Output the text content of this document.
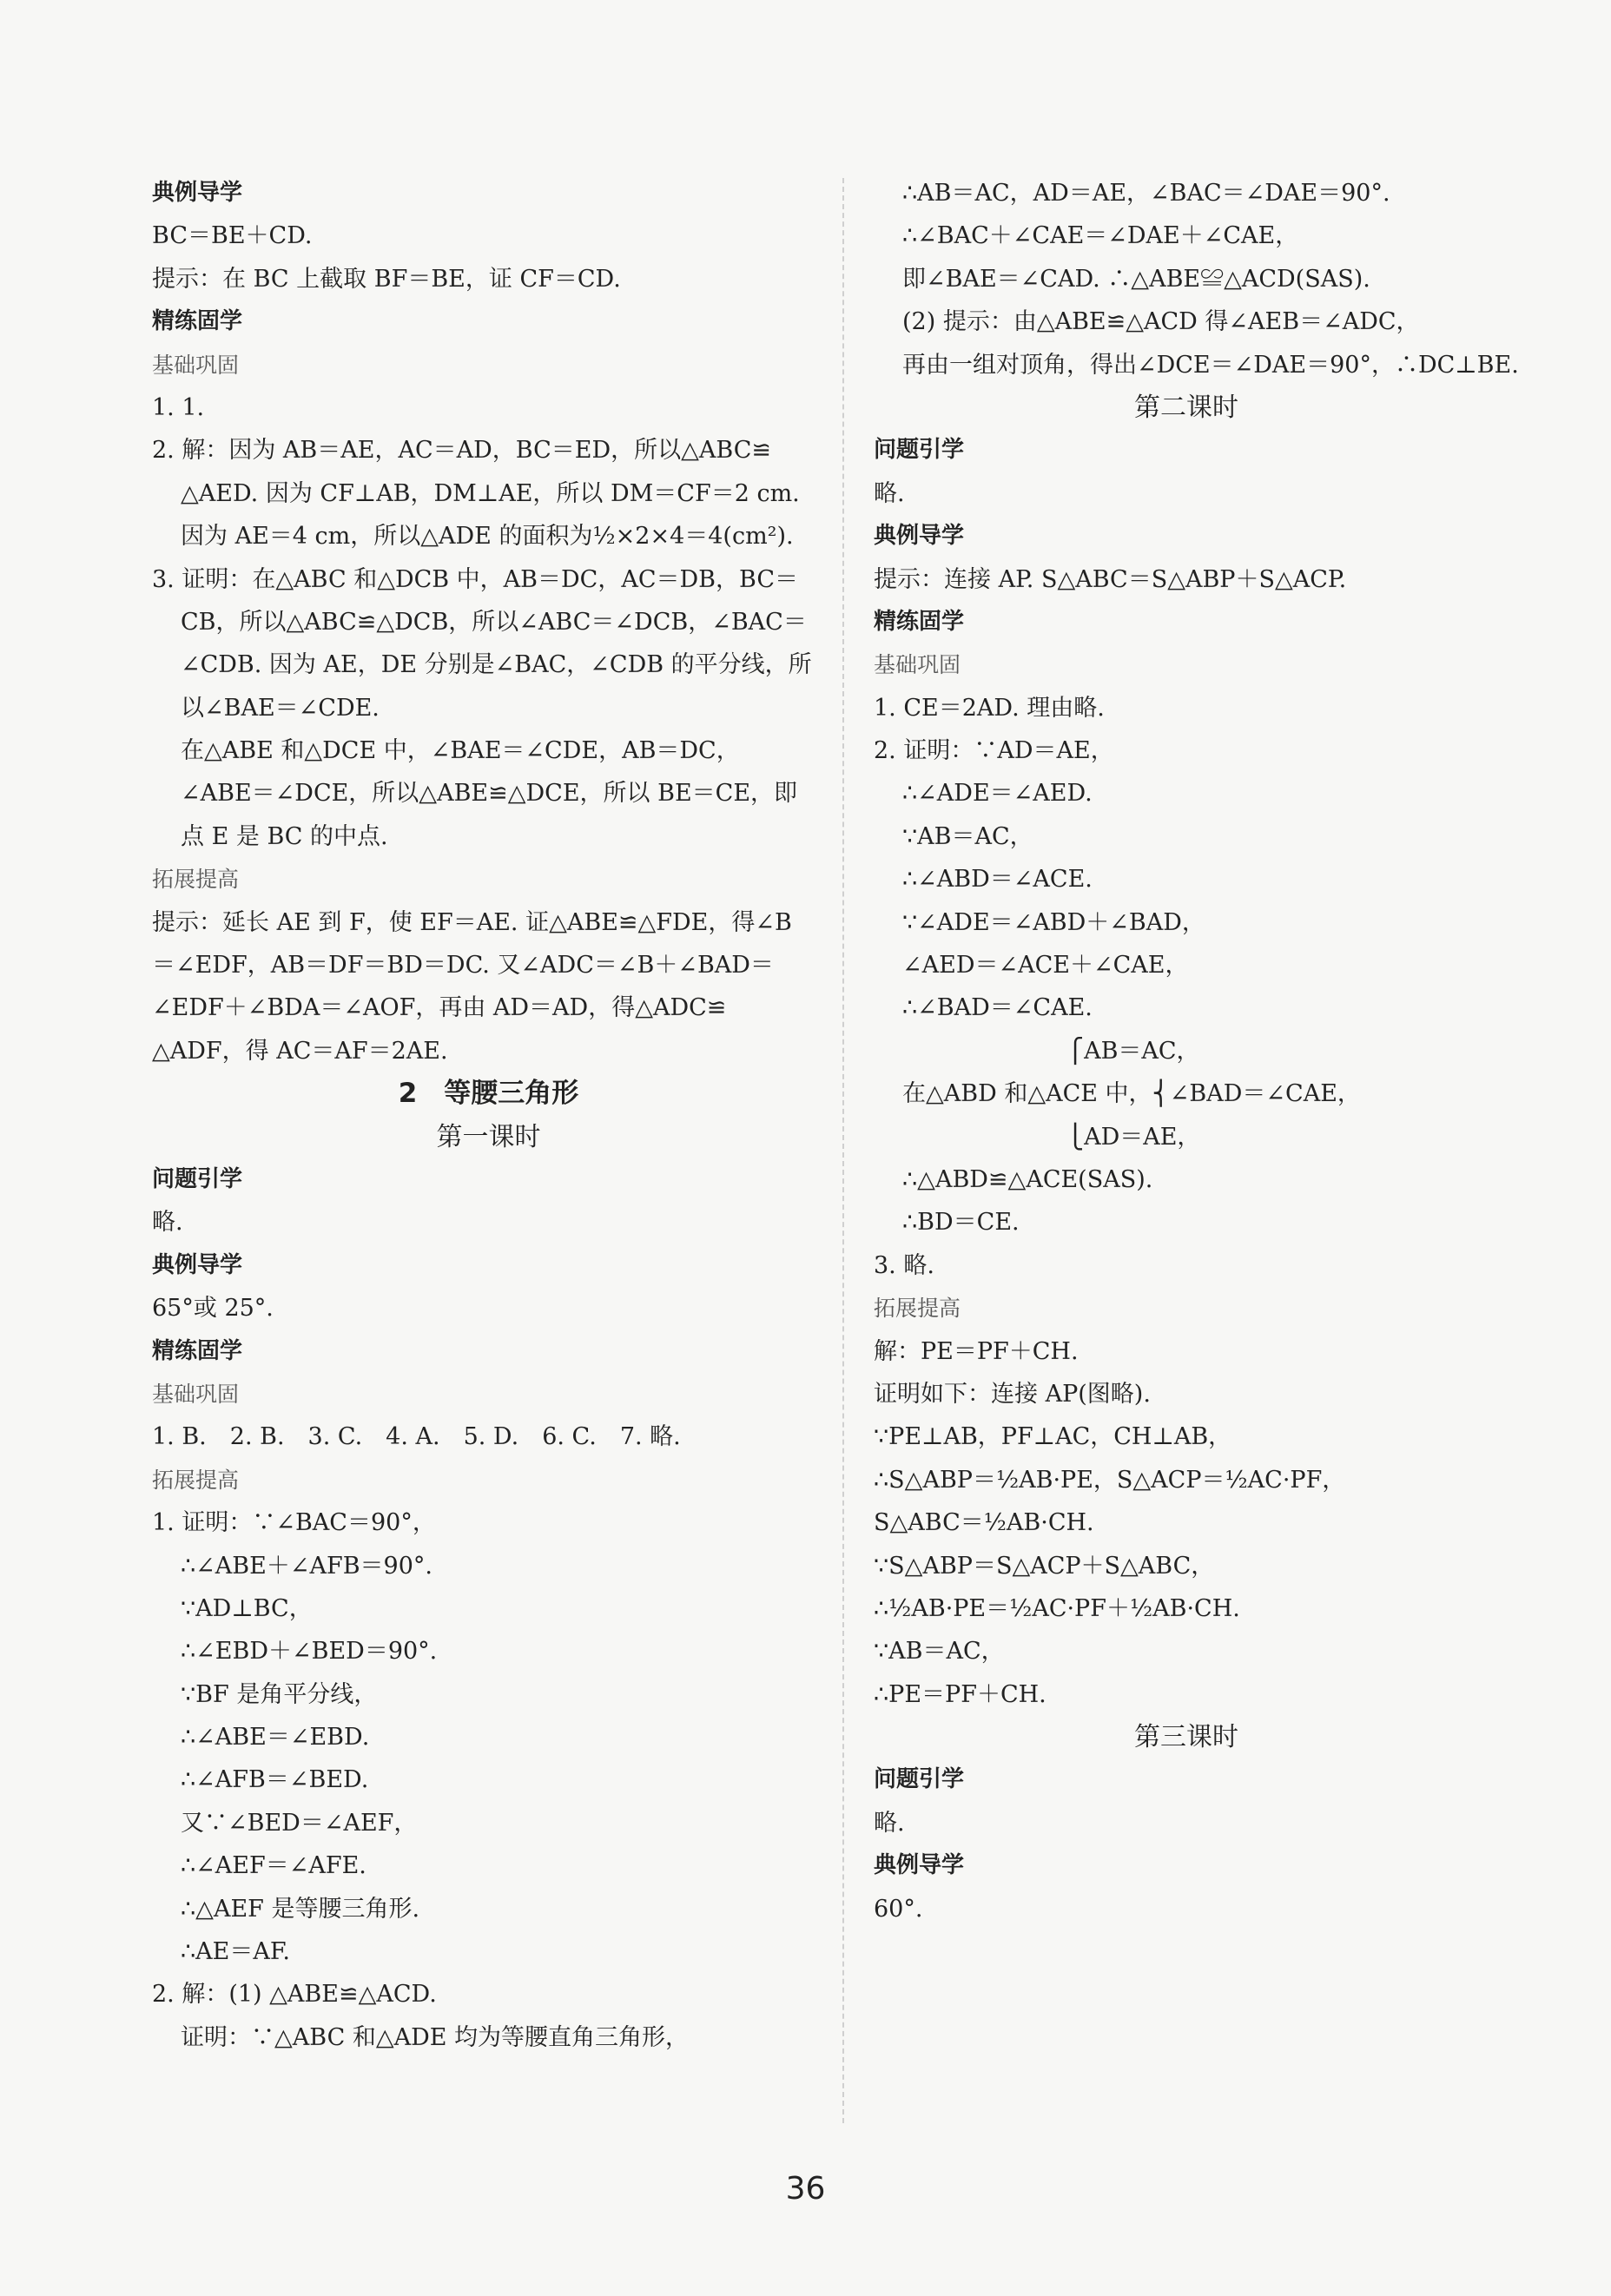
典例导学
BC＝BE＋CD.
提示：在 BC 上截取 BF＝BE，证 CF＝CD.
精练固学
基础巩固
1. 1.
2. 解：因为 AB＝AE，AC＝AD，BC＝ED，所以△ABC≌
△AED. 因为 CF⊥AB，DM⊥AE，所以 DM＝CF＝2 cm.
因为 AE＝4 cm，所以△ADE 的面积为½×2×4＝4(cm²).
3. 证明：在△ABC 和△DCB 中，AB＝DC，AC＝DB，BC＝
CB，所以△ABC≌△DCB，所以∠ABC＝∠DCB，∠BAC＝
∠CDB. 因为 AE，DE 分别是∠BAC，∠CDB 的平分线，所
以∠BAE＝∠CDE.
在△ABE 和△DCE 中，∠BAE＝∠CDE，AB＝DC，
∠ABE＝∠DCE，所以△ABE≌△DCE，所以 BE＝CE，即
点 E 是 BC 的中点.
拓展提高
提示：延长 AE 到 F，使 EF＝AE. 证△ABE≌△FDE，得∠B
＝∠EDF，AB＝DF＝BD＝DC. 又∠ADC＝∠B＋∠BAD＝
∠EDF＋∠BDA＝∠AOF，再由 AD＝AD，得△ADC≌
△ADF，得 AC＝AF＝2AE.
2　等腰三角形
第一课时
问题引学
略.
典例导学
65°或 25°.
精练固学
基础巩固
1. B.　2. B.　3. C.　4. A.　5. D.　6. C.　7. 略.
拓展提高
1. 证明：∵∠BAC＝90°，
∴∠ABE＋∠AFB＝90°.
∵AD⊥BC，
∴∠EBD＋∠BED＝90°.
∵BF 是角平分线，
∴∠ABE＝∠EBD.
∴∠AFB＝∠BED.
又∵∠BED＝∠AEF，
∴∠AEF＝∠AFE.
∴△AEF 是等腰三角形.
∴AE＝AF.
2. 解：(1) △ABE≌△ACD.
证明：∵△ABC 和△ADE 均为等腰直角三角形，
∴AB＝AC，AD＝AE，∠BAC＝∠DAE＝90°.
∴∠BAC＋∠CAE＝∠DAE＋∠CAE，
即∠BAE＝∠CAD. ∴△ABE≌△ACD(SAS).
(2) 提示：由△ABE≌△ACD 得∠AEB＝∠ADC，
再由一组对顶角，得出∠DCE＝∠DAE＝90°，∴DC⊥BE.
第二课时
问题引学
略.
典例导学
提示：连接 AP. S△ABC＝S△ABP＋S△ACP.
精练固学
基础巩固
1. CE＝2AD. 理由略.
2. 证明：∵AD＝AE，
∴∠ADE＝∠AED.
∵AB＝AC，
∴∠ABD＝∠ACE.
∵∠ADE＝∠ABD＋∠BAD，
∠AED＝∠ACE＋∠CAE，
∴∠BAD＝∠CAE.
⎧AB＝AC，
在△ABD 和△ACE 中，⎨∠BAD＝∠CAE，
⎩AD＝AE，
∴△ABD≌△ACE(SAS).
∴BD＝CE.
3. 略.
拓展提高
解：PE＝PF＋CH.
证明如下：连接 AP(图略).
∵PE⊥AB，PF⊥AC，CH⊥AB，
∴S△ABP＝½AB·PE，S△ACP＝½AC·PF，
S△ABC＝½AB·CH.
∵S△ABP＝S△ACP＋S△ABC，
∴½AB·PE＝½AC·PF＋½AB·CH.
∵AB＝AC，
∴PE＝PF＋CH.
第三课时
问题引学
略.
典例导学
60°.
36
